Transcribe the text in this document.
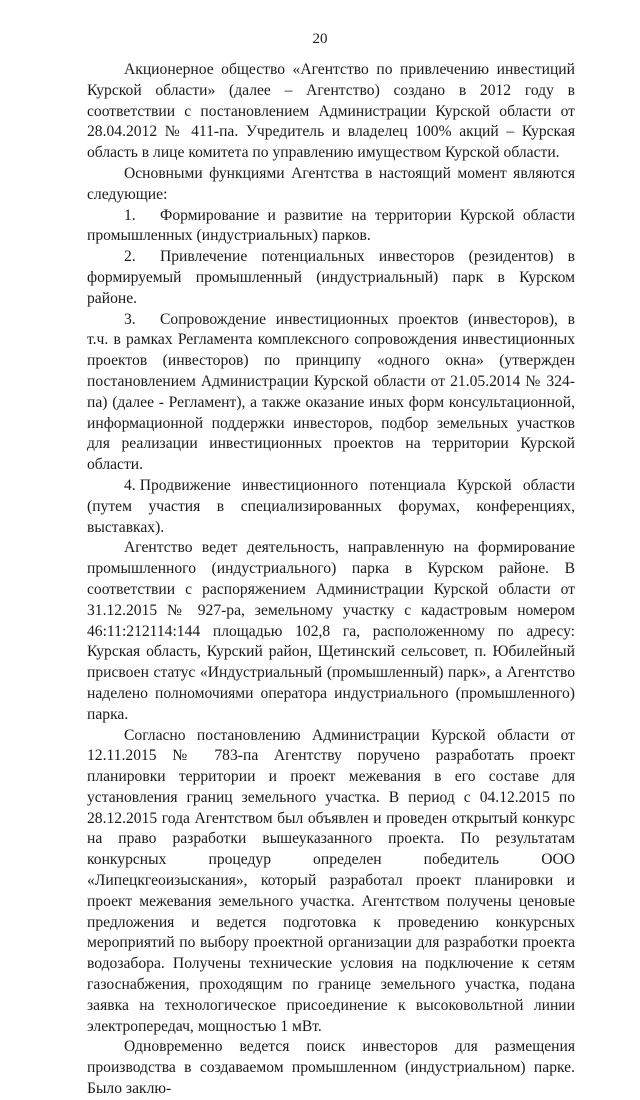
20

Акционерное общество «Агентство по привлечению инвестиций Курской области» (далее – Агентство) создано в 2012 году в соответствии с постановлением Администрации Курской области от 28.04.2012 № 411-па. Учредитель и владелец 100% акций – Курская область в лице комитета по управлению имуществом Курской области.

Основными функциями Агентства в настоящий момент являются следующие:

1. Формирование и развитие на территории Курской области промышленных (индустриальных) парков.
2. Привлечение потенциальных инвесторов (резидентов) в формируемый промышленный (индустриальный) парк в Курском районе.
3. Сопровождение инвестиционных проектов (инвесторов), в т.ч. в рамках Регламента комплексного сопровождения инвестиционных проектов (инвесторов) по принципу «одного окна» (утвержден постановлением Администрации Курской области от 21.05.2014 № 324-па) (далее - Регламент), а также оказание иных форм консультационной, информационной поддержки инвесторов, подбор земельных участков для реализации инвестиционных проектов на территории Курской области.
4. Продвижение инвестиционного потенциала Курской области (путем участия в специализированных форумах, конференциях, выставках).

Агентство ведет деятельность, направленную на формирование промышленного (индустриального) парка в Курском районе. В соответствии с распоряжением Администрации Курской области от 31.12.2015 № 927-ра, земельному участку с кадастровым номером 46:11:212114:144 площадью 102,8 га, расположенному по адресу: Курская область, Курский район, Щетинский сельсовет, п. Юбилейный присвоен статус «Индустриальный (промышленный) парк», а Агентство наделено полномочиями оператора индустриального (промышленного) парка.

Согласно постановлению Администрации Курской области от 12.11.2015 № 783-па Агентству поручено разработать проект планировки территории и проект межевания в его составе для установления границ земельного участка. В период с 04.12.2015 по 28.12.2015 года Агентством был объявлен и проведен открытый конкурс на право разработки вышеуказанного проекта. По результатам конкурсных процедур определен победитель ООО «Липецкгеоизыскания», который разработал проект планировки и проект межевания земельного участка. Агентством получены ценовые предложения и ведется подготовка к проведению конкурсных мероприятий по выбору проектной организации для разработки проекта водозабора. Получены технические условия на подключение к сетям газоснабжения, проходящим по границе земельного участка, подана заявка на технологическое присоединение к высоковольтной линии электропередач, мощностью 1 мВт.

Одновременно ведется поиск инвесторов для размещения производства в создаваемом промышленном (индустриальном) парке. Было заклю-
